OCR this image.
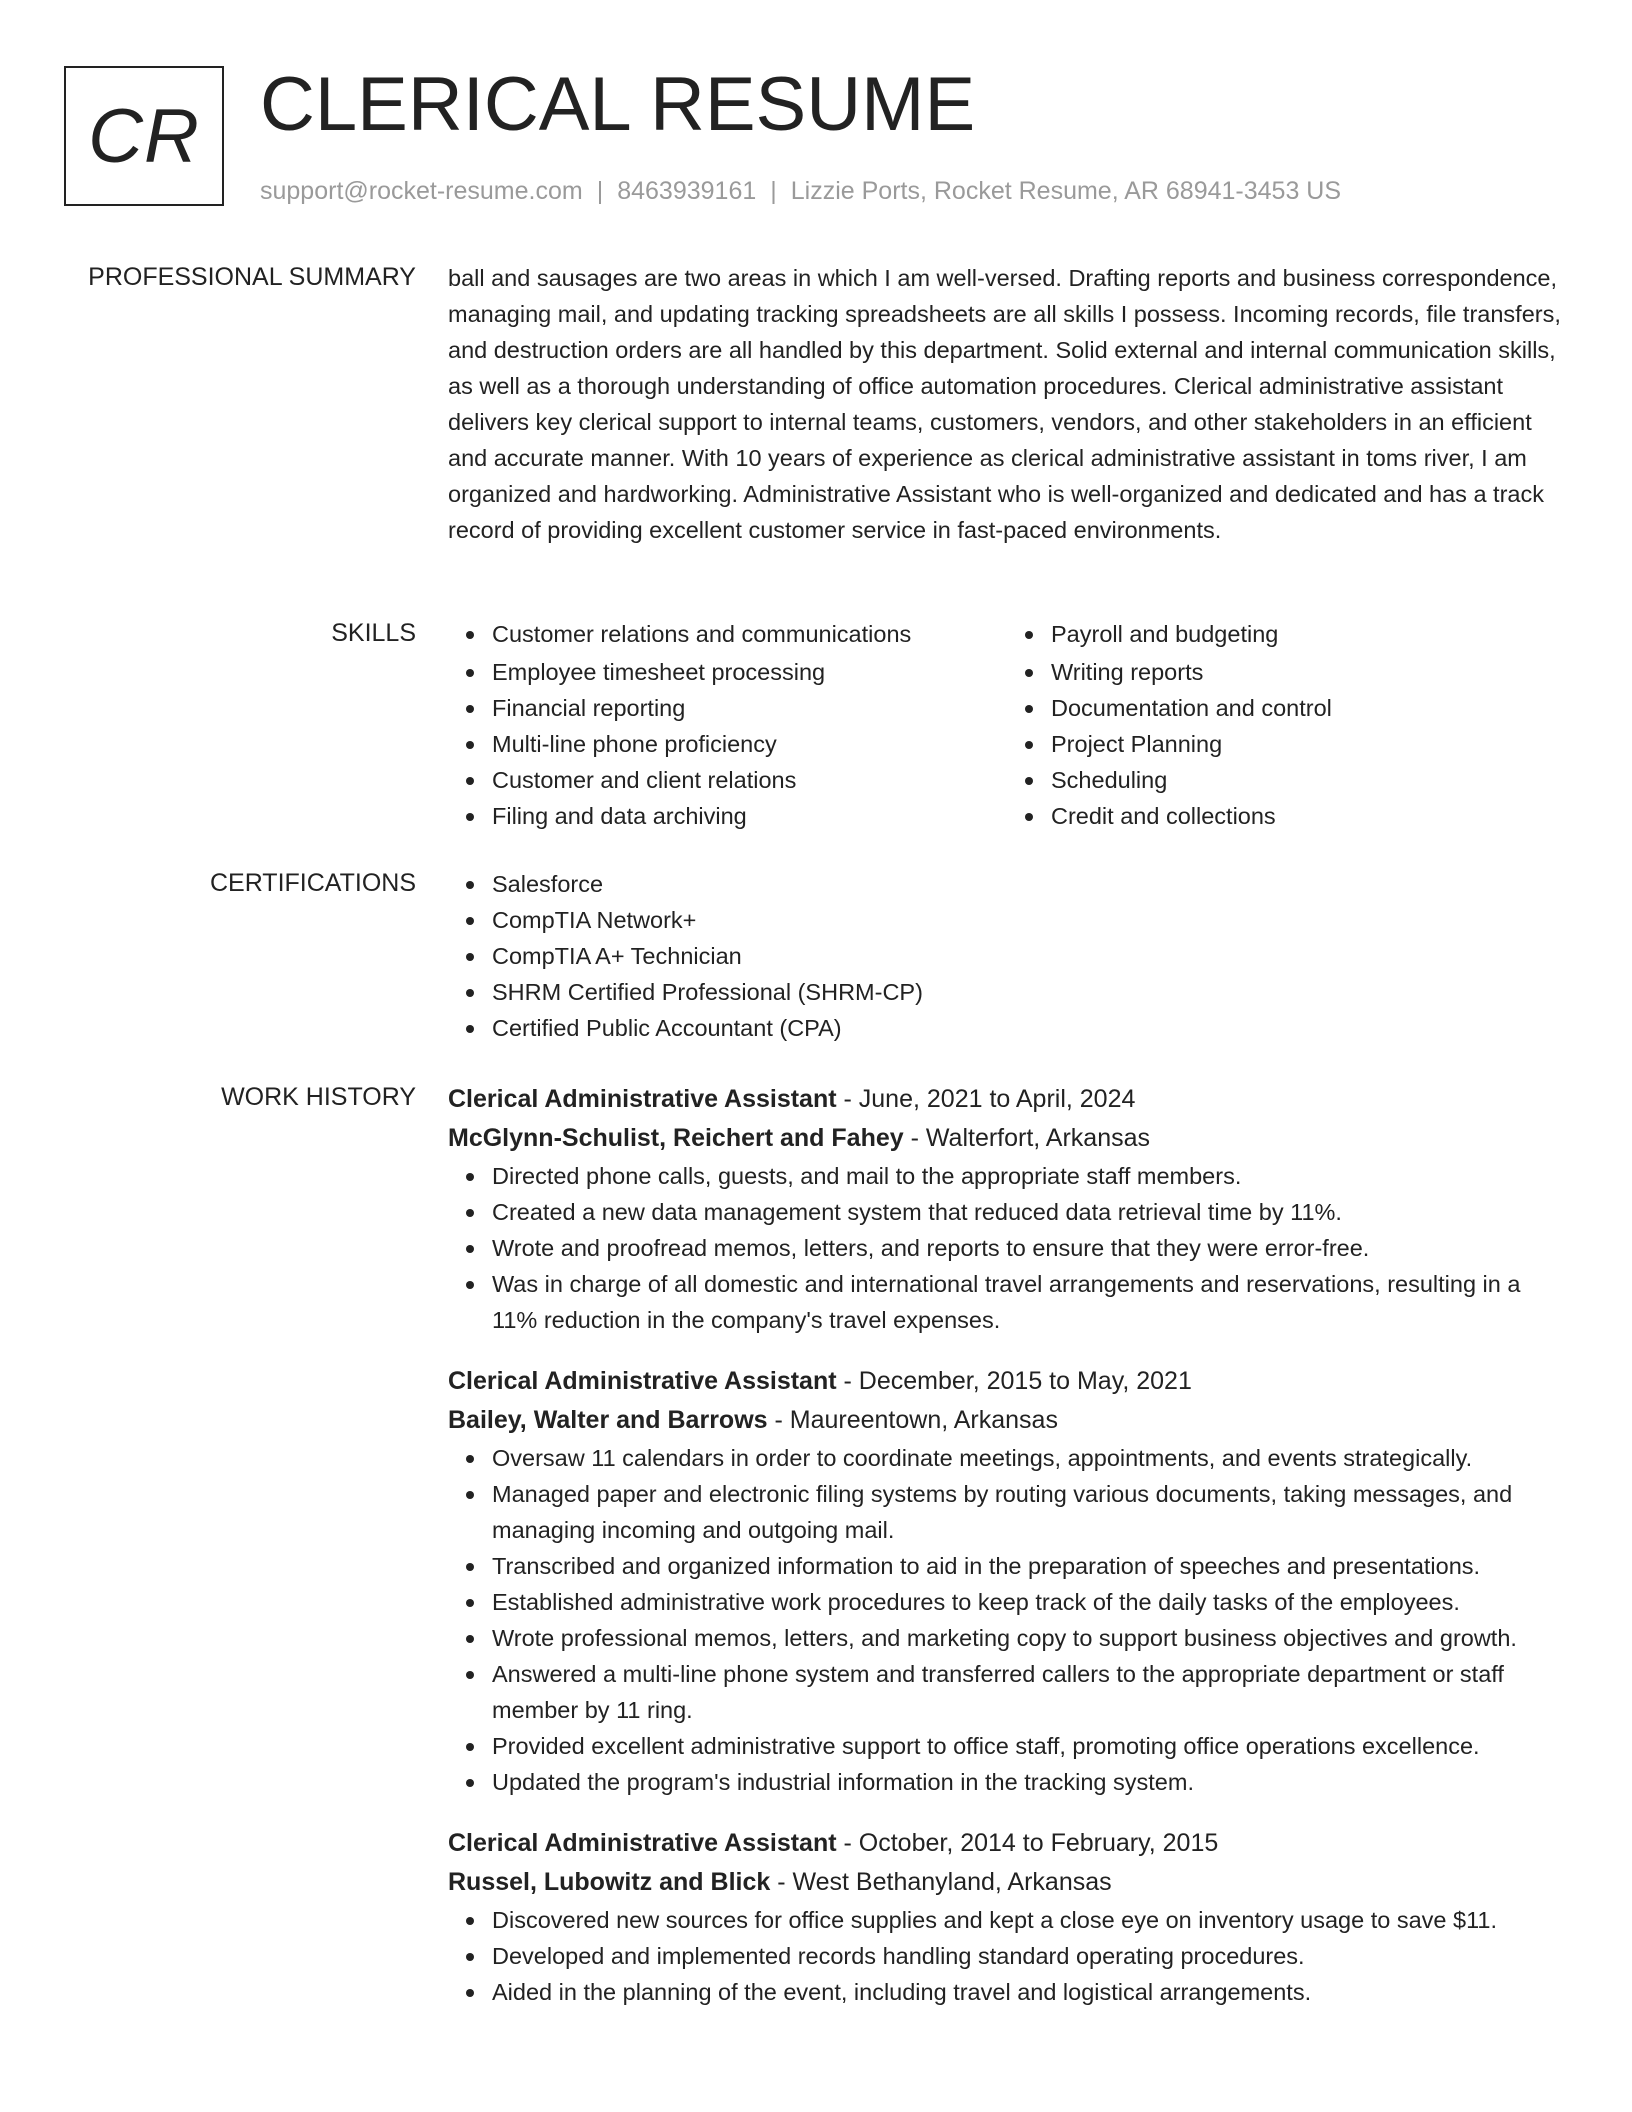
CR CLERICAL RESUME
support@rocket-resume.com | 8463939161 | Lizzie Ports, Rocket Resume, AR 68941-3453 US
PROFESSIONAL SUMMARY ball and sausages are two areas in which I am well-versed. Drafting reports and business correspondence, managing mail, and updating tracking spreadsheets are all skills I possess. Incoming records, file transfers, and destruction orders are all handled by this department. Solid external and internal communication skills, as well as a thorough understanding of office automation procedures. Clerical administrative assistant delivers key clerical support to internal teams, customers, vendors, and other stakeholders in an efficient and accurate manner. With 10 years of experience as clerical administrative assistant in toms river, I am organized and hardworking. Administrative Assistant who is well-organized and dedicated and has a track record of providing excellent customer service in fast-paced environments.

SKILLS	Customer relations and communications
Employee timesheet processing
Financial reporting
Multi-line phone proficiency
Customer and client relations
Filing and data archiving
Payroll and budgeting
Writing reports
Documentation and control
Project Planning
Scheduling
Credit and collections
CERTIFICATIONS	Salesforce
CompTIA Network+
CompTIA A+ Technician
SHRM Certified Professional (SHRM-CP)
Certified Public Accountant (CPA)
WORK HISTORY Clerical Administrative Assistant - June, 2021 to April, 2024
McGlynn-Schulist, Reichert and Fahey - Walterfort, Arkansas
Directed phone calls, guests, and mail to the appropriate staff members.
Created a new data management system that reduced data retrieval time by 11%.
Wrote and proofread memos, letters, and reports to ensure that they were error-free.
Was in charge of all domestic and international travel arrangements and reservations, resulting in a 11% reduction in the company's travel expenses.
Clerical Administrative Assistant - December, 2015 to May, 2021
Bailey, Walter and Barrows - Maureentown, Arkansas
Oversaw 11 calendars in order to coordinate meetings, appointments, and events strategically.
Managed paper and electronic filing systems by routing various documents, taking messages, and managing incoming and outgoing mail.
Transcribed and organized information to aid in the preparation of speeches and presentations.
Established administrative work procedures to keep track of the daily tasks of the employees.
Wrote professional memos, letters, and marketing copy to support business objectives and growth.
Answered a multi-line phone system and transferred callers to the appropriate department or staff member by 11 ring.
Provided excellent administrative support to office staff, promoting office operations excellence.
Updated the program's industrial information in the tracking system.
Clerical Administrative Assistant - October, 2014 to February, 2015
Russel, Lubowitz and Blick - West Bethanyland, Arkansas
Discovered new sources for office supplies and kept a close eye on inventory usage to save $11.
Developed and implemented records handling standard operating procedures.
Aided in the planning of the event, including travel and logistical arrangements.
